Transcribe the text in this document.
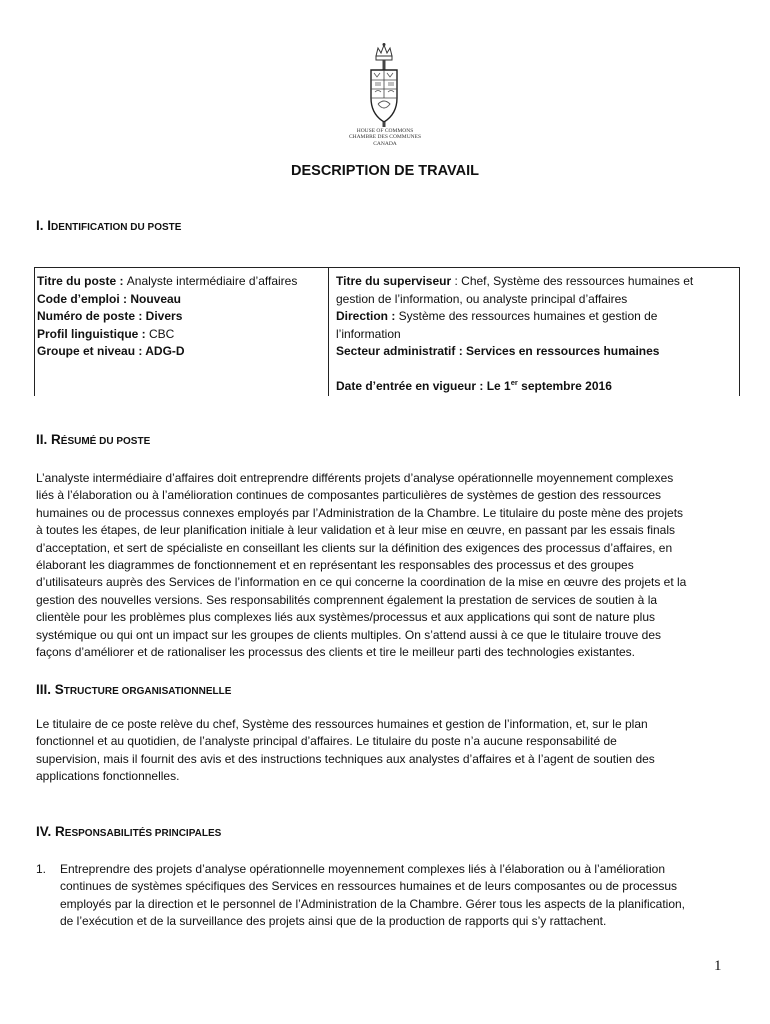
HOUSE OF COMMONS
CHAMBRE DES COMMUNES
CANADA
DESCRIPTION DE TRAVAIL
I. IDENTIFICATION DU POSTE
Titre du poste : Analyste intermédiaire d’affaires
Code d’emploi : Nouveau
Numéro de poste : Divers
Profil linguistique : CBC
Groupe et niveau : ADG-D
Titre du superviseur : Chef, Système des ressources humaines et
gestion de l’information, ou analyste principal d’affaires
Direction : Système des ressources humaines et gestion de
l’information
Secteur administratif : Services en ressources humaines
Date d’entrée en vigueur : Le 1er septembre 2016
II. RÉSUMÉ DU POSTE
L’analyste intermédiaire d’affaires doit entreprendre différents projets d’analyse opérationnelle moyennement complexes
liés à l’élaboration ou à l’amélioration continues de composantes particulières de systèmes de gestion des ressources
humaines ou de processus connexes employés par l’Administration de la Chambre. Le titulaire du poste mène des projets
à toutes les étapes, de leur planification initiale à leur validation et à leur mise en œuvre, en passant par les essais finals
d’acceptation, et sert de spécialiste en conseillant les clients sur la définition des exigences des processus d’affaires, en
élaborant les diagrammes de fonctionnement et en représentant les responsables des processus et des groupes
d’utilisateurs auprès des Services de l’information en ce qui concerne la coordination de la mise en œuvre des projets et la
gestion des nouvelles versions. Ses responsabilités comprennent également la prestation de services de soutien à la
clientèle pour les problèmes plus complexes liés aux systèmes/processus et aux applications qui sont de nature plus
systémique ou qui ont un impact sur les groupes de clients multiples. On s’attend aussi à ce que le titulaire trouve des
façons d’améliorer et de rationaliser les processus des clients et tire le meilleur parti des technologies existantes.
III. STRUCTURE ORGANISATIONNELLE
Le titulaire de ce poste relève du chef, Système des ressources humaines et gestion de l’information, et, sur le plan
fonctionnel et au quotidien, de l’analyste principal d’affaires. Le titulaire du poste n’a aucune responsabilité de
supervision, mais il fournit des avis et des instructions techniques aux analystes d’affaires et à l’agent de soutien des
applications fonctionnelles.
IV. RESPONSABILITÉS PRINCIPALES
1. Entreprendre des projets d’analyse opérationnelle moyennement complexes liés à l’élaboration ou à l’amélioration
continues de systèmes spécifiques des Services en ressources humaines et de leurs composantes ou de processus
employés par la direction et le personnel de l’Administration de la Chambre. Gérer tous les aspects de la planification,
de l’exécution et de la surveillance des projets ainsi que de la production de rapports qui s’y rattachent.
1
